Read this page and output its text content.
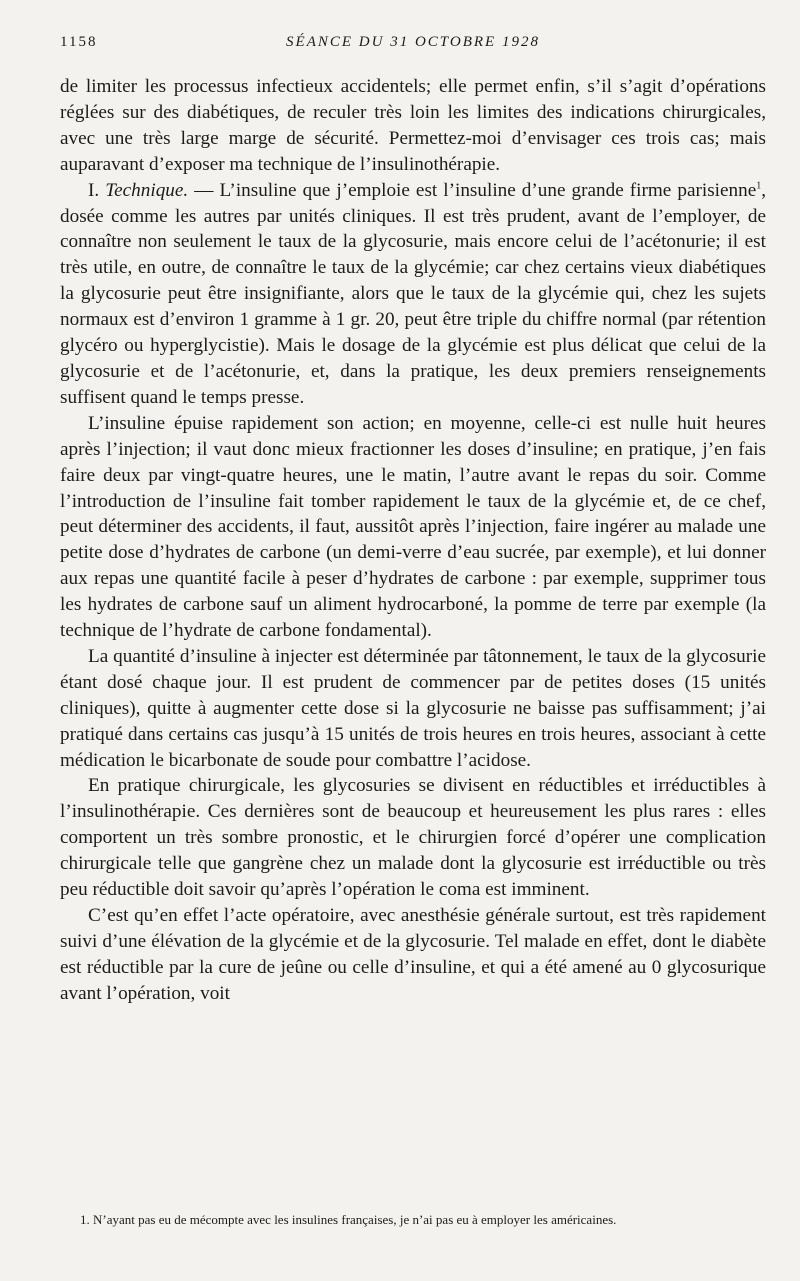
1158	SÉANCE DU 31 OCTOBRE 1928

de limiter les processus infectieux accidentels; elle permet enfin, s’il s’agit d’opérations réglées sur des diabétiques, de reculer très loin les limites des indications chirurgicales, avec une très large marge de sécurité. Permettez-moi d’envisager ces trois cas; mais auparavant d’exposer ma technique de l’insulinothérapie.

I. Technique. — L’insuline que j’emploie est l’insuline d’une grande firme parisienne$^1$, dosée comme les autres par unités cliniques. Il est très prudent, avant de l’employer, de connaître non seulement le taux de la glycosurie, mais encore celui de l’acétonurie; il est très utile, en outre, de connaître le taux de la glycémie; car chez certains vieux diabétiques la glycosurie peut être insignifiante, alors que le taux de la glycémie qui, chez les sujets normaux est d’environ 1 gramme à 1 gr. 20, peut être triple du chiffre normal (par rétention glycéro ou hyperglycistie). Mais le dosage de la glycémie est plus délicat que celui de la glycosurie et de l’acétonurie, et, dans la pratique, les deux premiers renseignements suffisent quand le temps presse.

L’insuline épuise rapidement son action; en moyenne, celle-ci est nulle huit heures après l’injection; il vaut donc mieux fractionner les doses d’insuline; en pratique, j’en fais faire deux par vingt-quatre heures, une le matin, l’autre avant le repas du soir. Comme l’introduction de l’insuline fait tomber rapidement le taux de la glycémie et, de ce chef, peut déterminer des accidents, il faut, aussitôt après l’injection, faire ingérer au malade une petite dose d’hydrates de carbone (un demi-verre d’eau sucrée, par exemple), et lui donner aux repas une quantité facile à peser d’hydrates de carbone : par exemple, supprimer tous les hydrates de carbone sauf un aliment hydrocarboné, la pomme de terre par exemple (la technique de l’hydrate de carbone fondamental).

La quantité d’insuline à injecter est déterminée par tâtonnement, le taux de la glycosurie étant dosé chaque jour. Il est prudent de commencer par de petites doses (15 unités cliniques), quitte à augmenter cette dose si la glycosurie ne baisse pas suffisamment; j’ai pratiqué dans certains cas jusqu’à 15 unités de trois heures en trois heures, associant à cette médication le bicarbonate de soude pour combattre l’acidose.

En pratique chirurgicale, les glycosuries se divisent en réductibles et irréductibles à l’insulinothérapie. Ces dernières sont de beaucoup et heureusement les plus rares : elles comportent un très sombre pronostic, et le chirurgien forcé d’opérer une complication chirurgicale telle que gangrène chez un malade dont la glycosurie est irréductible ou très peu réductible doit savoir qu’après l’opération le coma est imminent.

C’est qu’en effet l’acte opératoire, avec anesthésie générale surtout, est très rapidement suivi d’une élévation de la glycémie et de la glycosurie. Tel malade en effet, dont le diabète est réductible par la cure de jeûne ou celle d’insuline, et qui a été amené au 0 glycosurique avant l’opération, voit

1. N’ayant pas eu de mécompte avec les insulines françaises, je n’ai pas eu à employer les américaines.
